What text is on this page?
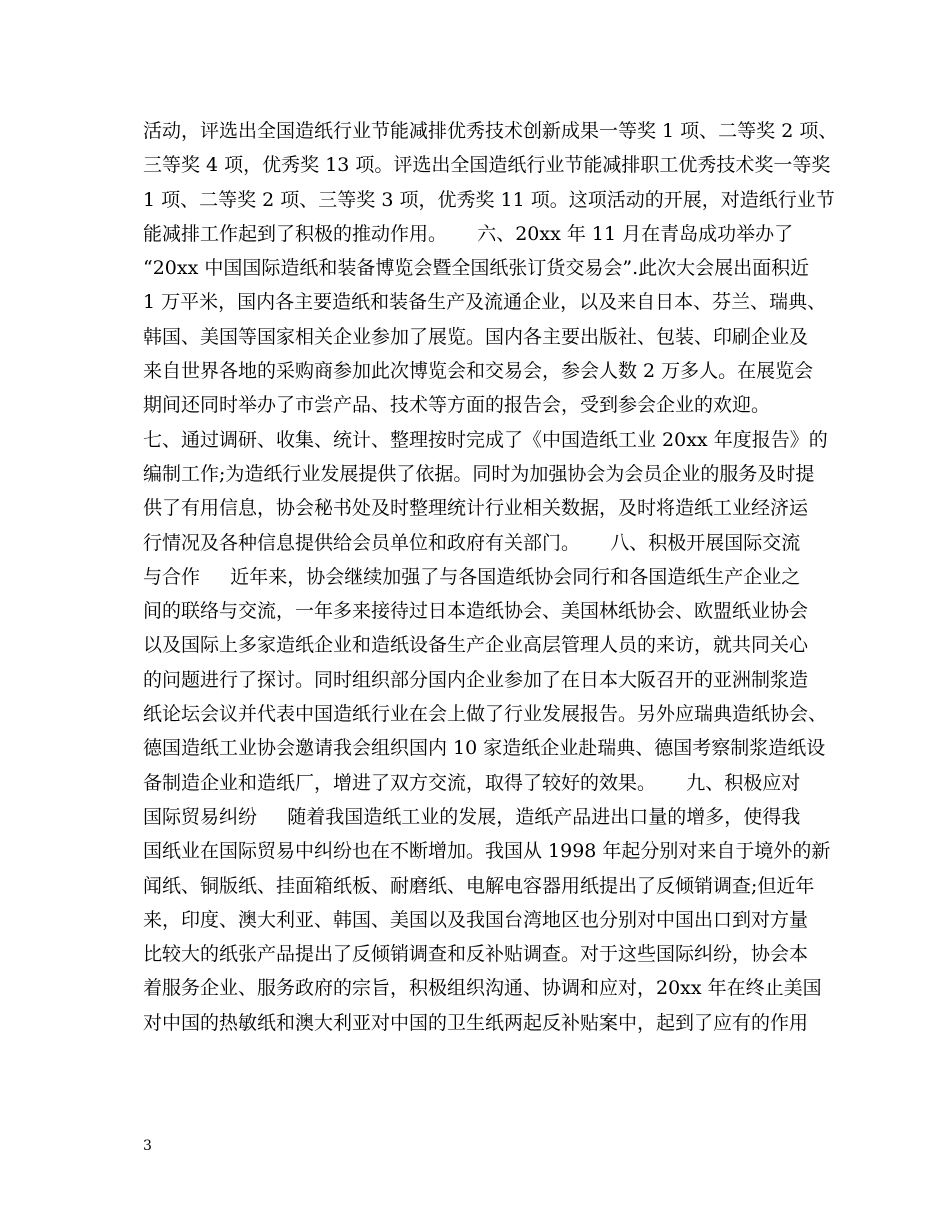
活动，评选出全国造纸行业节能减排优秀技术创新成果一等奖 1 项、二等奖 2 项、
三等奖 4 项，优秀奖 13 项。评选出全国造纸行业节能减排职工优秀技术奖一等奖
1 项、二等奖 2 项、三等奖 3 项，优秀奖 11 项。这项活动的开展，对造纸行业节
能减排工作起到了积极的推动作用。     六、20xx 年 11 月在青岛成功举办了
“20xx 中国国际造纸和装备博览会暨全国纸张订货交易会”.此次大会展出面积近
1 万平米，国内各主要造纸和装备生产及流通企业，以及来自日本、芬兰、瑞典、
韩国、美国等国家相关企业参加了展览。国内各主要出版社、包装、印刷企业及
来自世界各地的采购商参加此次博览会和交易会，参会人数 2 万多人。在展览会
期间还同时举办了市尝产品、技术等方面的报告会，受到参会企业的欢迎。
七、通过调研、收集、统计、整理按时完成了《中国造纸工业 20xx 年度报告》的
编制工作;为造纸行业发展提供了依据。同时为加强协会为会员企业的服务及时提
供了有用信息，协会秘书处及时整理统计行业相关数据，及时将造纸工业经济运
行情况及各种信息提供给会员单位和政府有关部门。     八、积极开展国际交流
与合作     近年来，协会继续加强了与各国造纸协会同行和各国造纸生产企业之
间的联络与交流，一年多来接待过日本造纸协会、美国林纸协会、欧盟纸业协会
以及国际上多家造纸企业和造纸设备生产企业高层管理人员的来访，就共同关心
的问题进行了探讨。同时组织部分国内企业参加了在日本大阪召开的亚洲制浆造
纸论坛会议并代表中国造纸行业在会上做了行业发展报告。另外应瑞典造纸协会、
德国造纸工业协会邀请我会组织国内 10 家造纸企业赴瑞典、德国考察制浆造纸设
备制造企业和造纸厂，增进了双方交流，取得了较好的效果。     九、积极应对
国际贸易纠纷     随着我国造纸工业的发展，造纸产品进出口量的增多，使得我
国纸业在国际贸易中纠纷也在不断增加。我国从 1998 年起分别对来自于境外的新
闻纸、铜版纸、挂面箱纸板、耐磨纸、电解电容器用纸提出了反倾销调查;但近年
来，印度、澳大利亚、韩国、美国以及我国台湾地区也分别对中国出口到对方量
比较大的纸张产品提出了反倾销调查和反补贴调查。对于这些国际纠纷，协会本
着服务企业、服务政府的宗旨，积极组织沟通、协调和应对，20xx 年在终止美国
对中国的热敏纸和澳大利亚对中国的卫生纸两起反补贴案中，起到了应有的作用
3
